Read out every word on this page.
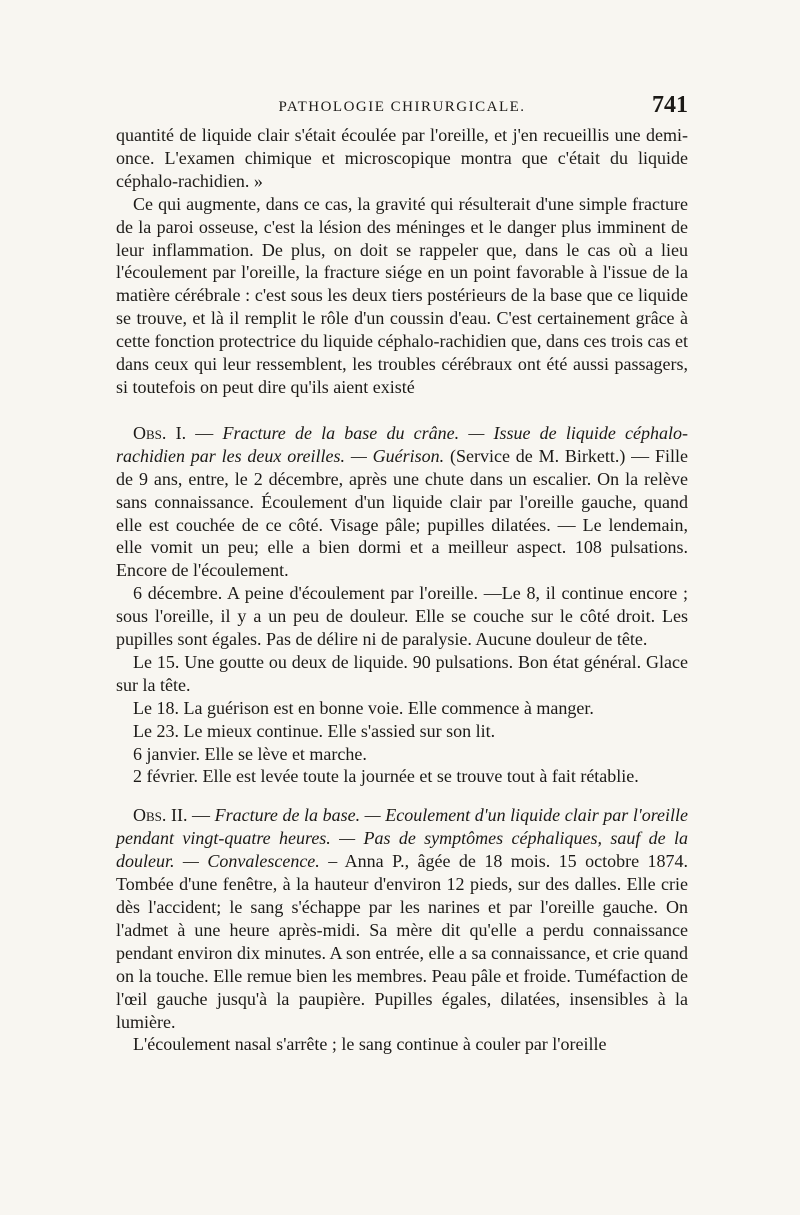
PATHOLOGIE CHIRURGICALE.	741

quantité de liquide clair s'était écoulée par l'oreille, et j'en recueillis une demi-once. L'examen chimique et microscopique montra que c'était du liquide céphalo-rachidien. »

Ce qui augmente, dans ce cas, la gravité qui résulterait d'une simple fracture de la paroi osseuse, c'est la lésion des méninges et le danger plus imminent de leur inflammation. De plus, on doit se rappeler que, dans le cas où a lieu l'écoulement par l'oreille, la fracture siége en un point favorable à l'issue de la matière cérébrale : c'est sous les deux tiers postérieurs de la base que ce liquide se trouve, et là il remplit le rôle d'un coussin d'eau. C'est certainement grâce à cette fonction protectrice du liquide céphalo-rachidien que, dans ces trois cas et dans ceux qui leur ressemblent, les troubles cérébraux ont été aussi passagers, si toutefois on peut dire qu'ils aient existé

Obs. I. — Fracture de la base du crâne. — Issue de liquide céphalo-rachidien par les deux oreilles. — Guérison. (Service de M. Birkett.) — Fille de 9 ans, entre, le 2 décembre, après une chute dans un escalier. On la relève sans connaissance. Écoulement d'un liquide clair par l'oreille gauche, quand elle est couchée de ce côté. Visage pâle; pupilles dilatées. — Le lendemain, elle vomit un peu; elle a bien dormi et a meilleur aspect. 108 pulsations. Encore de l'écoulement.

6 décembre. A peine d'écoulement par l'oreille. —Le 8, il continue encore ; sous l'oreille, il y a un peu de douleur. Elle se couche sur le côté droit. Les pupilles sont égales. Pas de délire ni de paralysie. Aucune douleur de tête.

Le 15. Une goutte ou deux de liquide. 90 pulsations. Bon état général. Glace sur la tête.

Le 18. La guérison est en bonne voie. Elle commence à manger.

Le 23. Le mieux continue. Elle s'assied sur son lit.

6 janvier. Elle se lève et marche.

2 février. Elle est levée toute la journée et se trouve tout à fait rétablie.

Obs. II. — Fracture de la base. — Ecoulement d'un liquide clair par l'oreille pendant vingt-quatre heures. — Pas de symptômes céphaliques, sauf de la douleur. — Convalescence. – Anna P., âgée de 18 mois. 15 octobre 1874. Tombée d'une fenêtre, à la hauteur d'environ 12 pieds, sur des dalles. Elle crie dès l'accident; le sang s'échappe par les narines et par l'oreille gauche. On l'admet à une heure après-midi. Sa mère dit qu'elle a perdu connaissance pendant environ dix minutes. A son entrée, elle a sa connaissance, et crie quand on la touche. Elle remue bien les membres. Peau pâle et froide. Tuméfaction de l'œil gauche jusqu'à la paupière. Pupilles égales, dilatées, insensibles à la lumière.

L'écoulement nasal s'arrête ; le sang continue à couler par l'oreille
